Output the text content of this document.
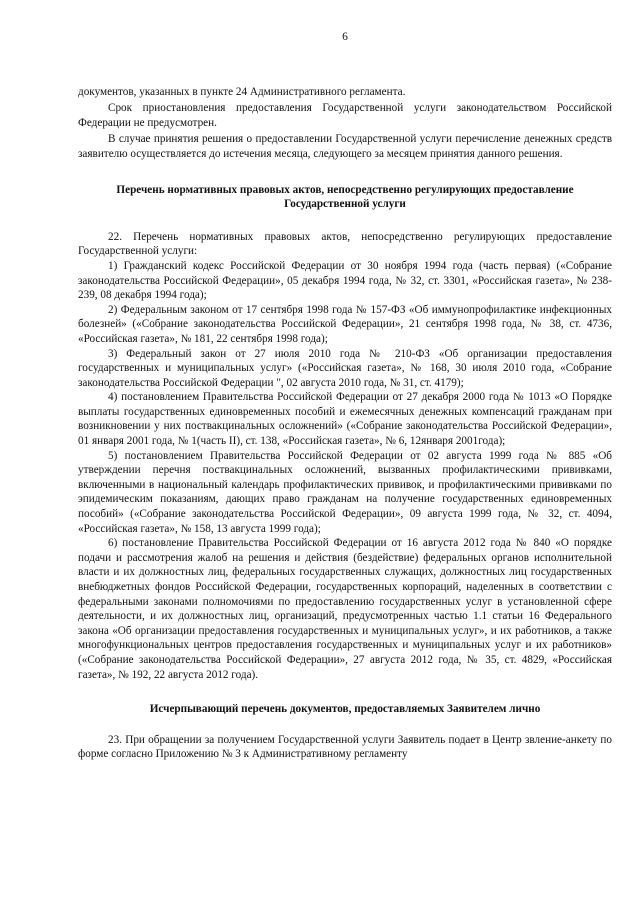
6

документов, указанных в пункте 24 Административного регламента.

Срок приостановления предоставления Государственной услуги законодательством Российской Федерации не предусмотрен.

В случае принятия решения о предоставлении Государственной услуги перечисление денежных средств заявителю осуществляется до истечения месяца, следующего за месяцем принятия данного решения.

Перечень нормативных правовых актов, непосредственно регулирующих предоставление Государственной услуги

22. Перечень нормативных правовых актов, непосредственно регулирующих предоставление Государственной услуги:

1) Гражданский кодекс Российской Федерации от 30 ноября 1994 года (часть первая) («Собрание законодательства Российской Федерации», 05 декабря 1994 года, № 32, ст. 3301, «Российская газета», № 238-239, 08 декабря 1994 года);

2) Федеральным законом от 17 сентября 1998 года № 157-ФЗ «Об иммунопрофилактике инфекционных болезней» («Собрание законодательства Российской Федерации», 21 сентября 1998 года, № 38, ст. 4736, «Российская газета», № 181, 22 сентября 1998 года);

3) Федеральный закон от 27 июля 2010 года № 210-ФЗ «Об организации предоставления государственных и муниципальных услуг» («Российская газета», № 168, 30 июля 2010 года, «Собрание законодательства Российской Федерации ", 02 августа 2010 года, № 31, ст. 4179);

4) постановлением Правительства Российской Федерации от 27 декабря 2000 года № 1013 «О Порядке выплаты государственных единовременных пособий и ежемесячных денежных компенсаций гражданам при возникновении у них поствакцинальных осложнений» («Собрание законодательства Российской Федерации», 01 января 2001 года, № 1(часть II), ст. 138, «Российская газета», № 6, 12января 2001года);

5) постановлением Правительства Российской Федерации от 02 августа 1999 года № 885 «Об утверждении перечня поствакцинальных осложнений, вызванных профилактическими прививками, включенными в национальный календарь профилактических прививок, и профилактическими прививками по эпидемическим показаниям, дающих право гражданам на получение государственных единовременных пособий» («Собрание законодательства Российской Федерации», 09 августа 1999 года, № 32, ст. 4094, «Российская газета», № 158, 13 августа 1999 года);

6) постановление Правительства Российской Федерации от 16 августа 2012 года № 840 «О порядке подачи и рассмотрения жалоб на решения и действия (бездействие) федеральных органов исполнительной власти и их должностных лиц, федеральных государственных служащих, должностных лиц государственных внебюджетных фондов Российской Федерации, государственных корпораций, наделенных в соответствии с федеральными законами полномочиями по предоставлению государственных услуг в установленной сфере деятельности, и их должностных лиц, организаций, предусмотренных частью 1.1 статьи 16 Федерального закона «Об организации предоставления государственных и муниципальных услуг», и их работников, а также многофункциональных центров предоставления государственных и муниципальных услуг и их работников» («Собрание законодательства Российской Федерации», 27 августа 2012 года, № 35, ст. 4829, «Российская газета», № 192, 22 августа 2012 года).

Исчерпывающий перечень документов, предоставляемых Заявителем лично

23. При обращении за получением Государственной услуги Заявитель подает в Центр звление-анкету по форме согласно Приложению № 3 к Административному регламенту
